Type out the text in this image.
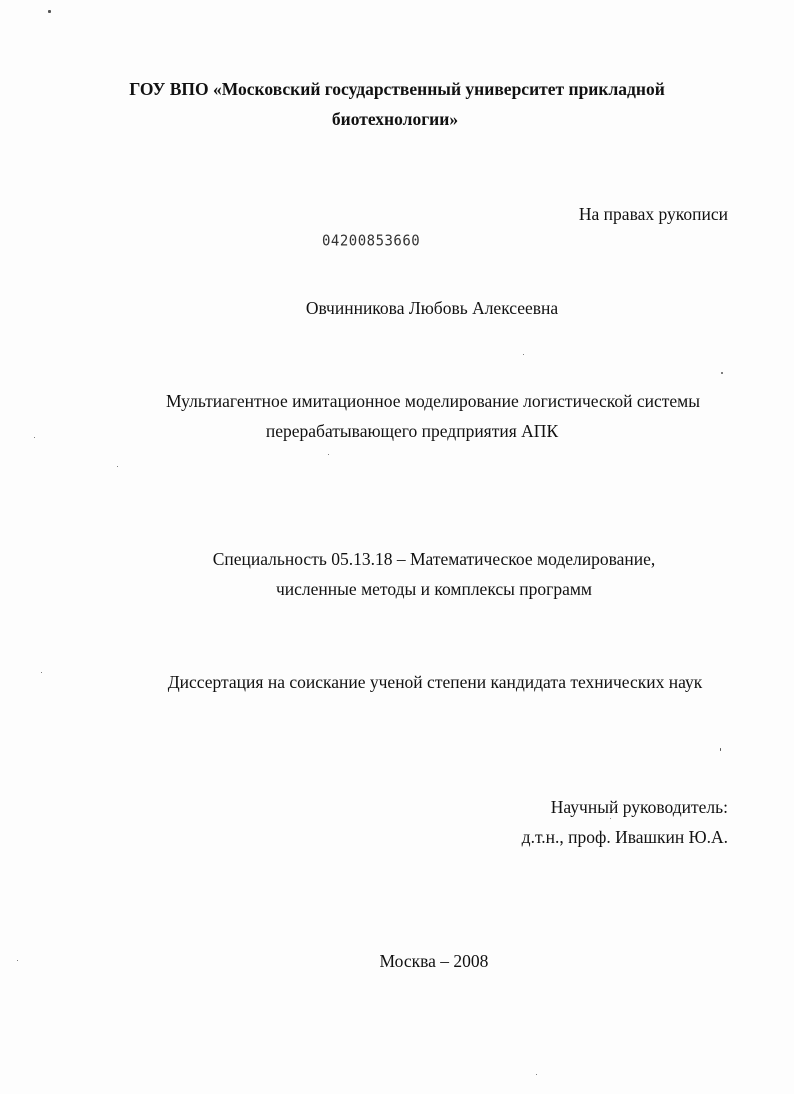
ГОУ ВПО «Московский государственный университет прикладной
биотехнологии»
На правах рукописи
04200853660
Овчинникова Любовь Алексеевна
Мультиагентное имитационное моделирование логистической системы
перерабатывающего предприятия АПК
Специальность 05.13.18 – Математическое моделирование,
численные методы и комплексы программ
Диссертация на соискание ученой степени кандидата технических наук
Научный руководитель:
д.т.н., проф. Ивашкин Ю.А.
Москва – 2008
